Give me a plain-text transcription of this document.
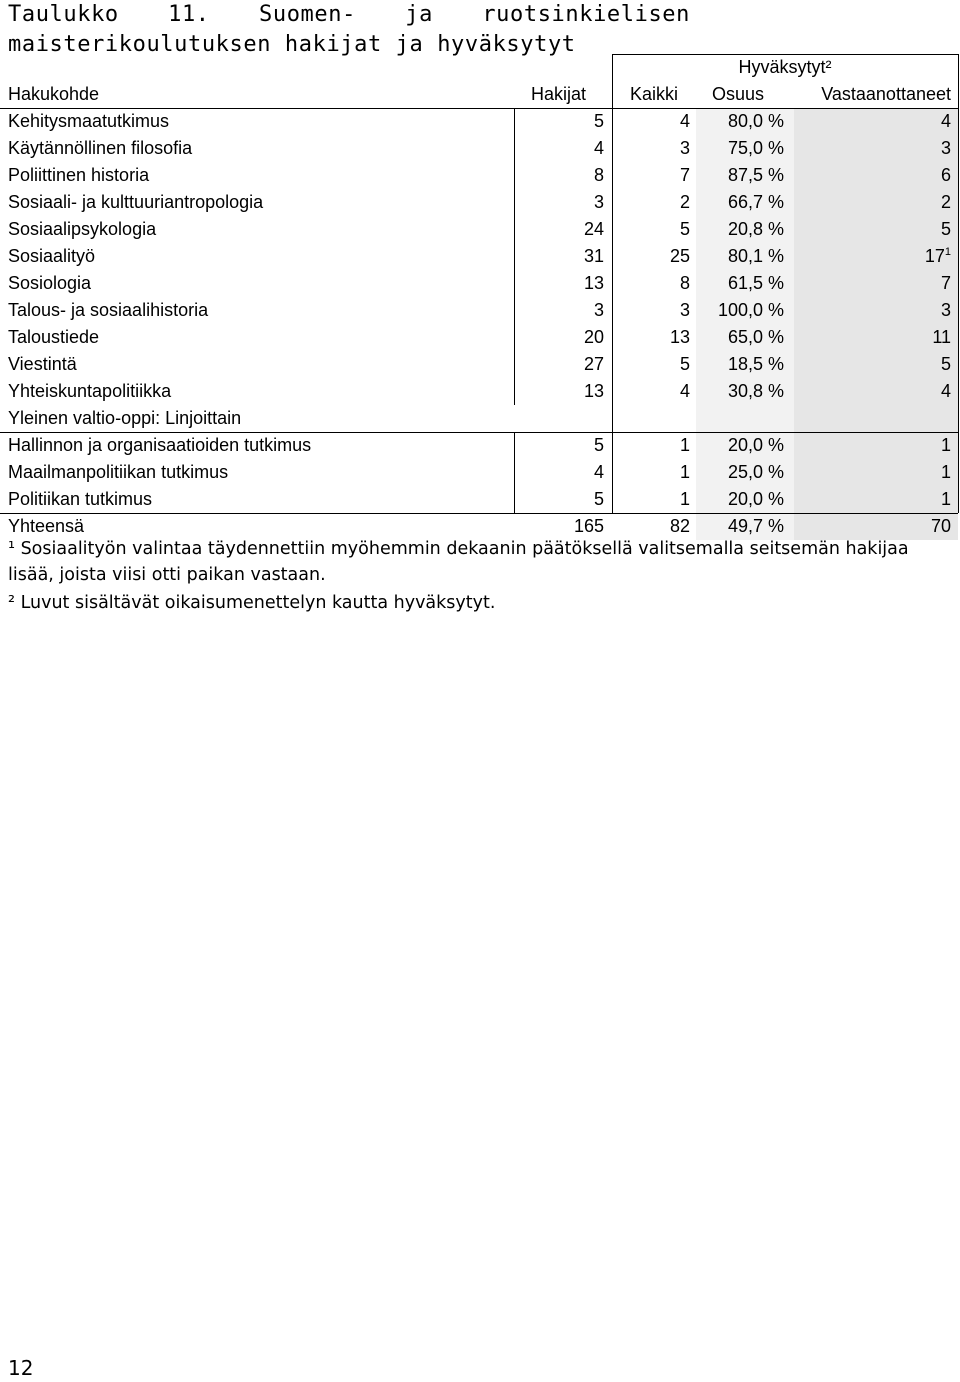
Taulukko 11. Suomen- ja ruotsinkielisen
maisterikoulutuksen hakijat ja hyväksytyt
Hyväksytyt²
Hakukohde	Hakijat	Kaikki	Osuus	Vastaanottaneet
Kehitysmaatutkimus	5	4	80,0 %	4
Käytännöllinen filosofia	4	3	75,0 %	3
Poliittinen historia	8	7	87,5 %	6
Sosiaali- ja kulttuuriantropologia	3	2	66,7 %	2
Sosiaalipsykologia	24	5	20,8 %	5
Sosiaalityö	31	25	80,1 %	$17^1$
Sosiologia	13	8	61,5 %	7
Talous- ja sosiaalihistoria	3	3	100,0 %	3
Taloustiede	20	13	65,0 %	11
Viestintä	27	5	18,5 %	5
Yhteiskuntapolitiikka	13	4	30,8 %	4
Yleinen valtio-oppi: Linjoittain
Hallinnon ja organisaatioiden tutkimus	5	1	20,0 %	1
Maailmanpolitiikan tutkimus	4	1	25,0 %	1
Politiikan tutkimus	5	1	20,0 %	1
Yhteensä	165	82	49,7 %	70
¹ Sosiaalityön valintaa täydennettiin myöhemmin dekaanin päätöksellä valitsemalla seitsemän hakijaa lisää, joista viisi otti paikan vastaan.
² Luvut sisältävät oikaisumenettelyn kautta hyväksytyt.
12
